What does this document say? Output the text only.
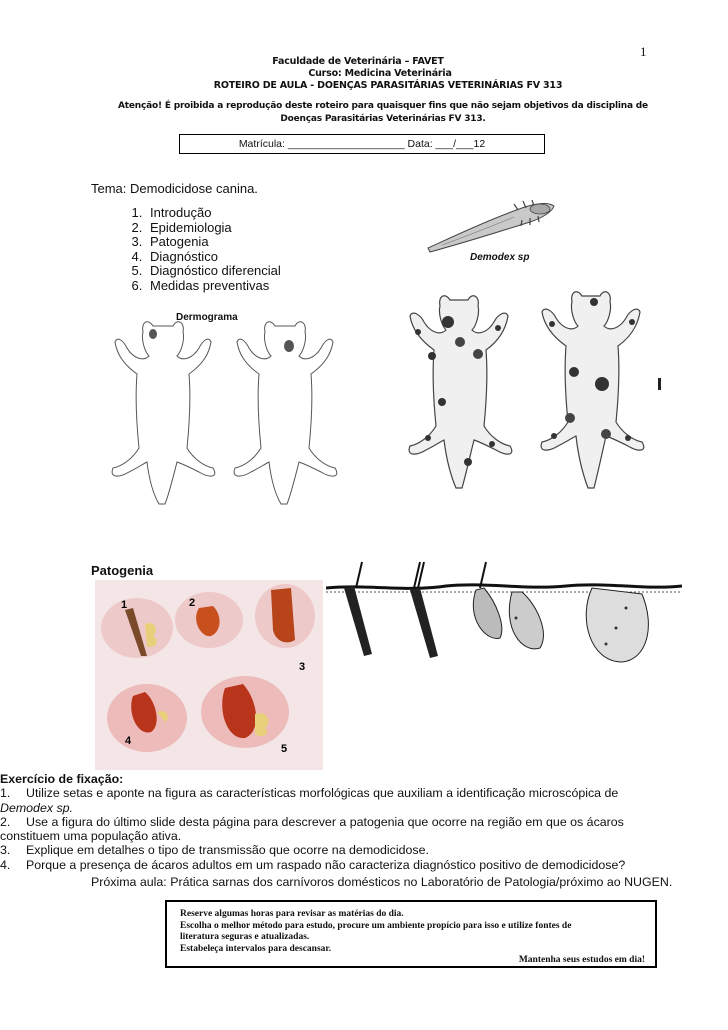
1
Faculdade de Veterinária – FAVET
Curso: Medicina Veterinária
ROTEIRO DE AULA - DOENÇAS PARASITÁRIAS VETERINÁRIAS FV 313
Atenção! É proibida a reprodução deste roteiro para quaisquer fins que não sejam objetivos da disciplina de Doenças Parasitárias Veterinárias FV 313.
Matrícula: ____________________ Data: ___/___12
Tema: Demodicidose canina.
1. Introdução
2. Epidemiologia
3. Patogenia
4. Diagnóstico
5. Diagnóstico diferencial
6. Medidas preventivas
Demodex sp
Dermograma
Patogenia
1	2
3
4
5
Exercício de fixação:
1. Utilize setas e aponte na figura as características morfológicas que auxiliam a identificação microscópica de
Demodex sp.
2. Use a figura do último slide desta página para descrever a patogenia que ocorre na região em que os ácaros
constituem uma população ativa.
3. Explique em detalhes o tipo de transmissão que ocorre na demodicidose.
4. Porque a presença de ácaros adultos em um raspado não caracteriza diagnóstico positivo de demodicidose?
Próxima aula: Prática sarnas dos carnívoros domésticos no Laboratório de Patologia/próximo ao NUGEN.
Reserve algumas horas para revisar as matérias do dia.
Escolha o melhor método para estudo, procure um ambiente propício para isso e utilize fontes de
literatura seguras e atualizadas.
Estabeleça intervalos para descansar.
Mantenha seus estudos em dia!
